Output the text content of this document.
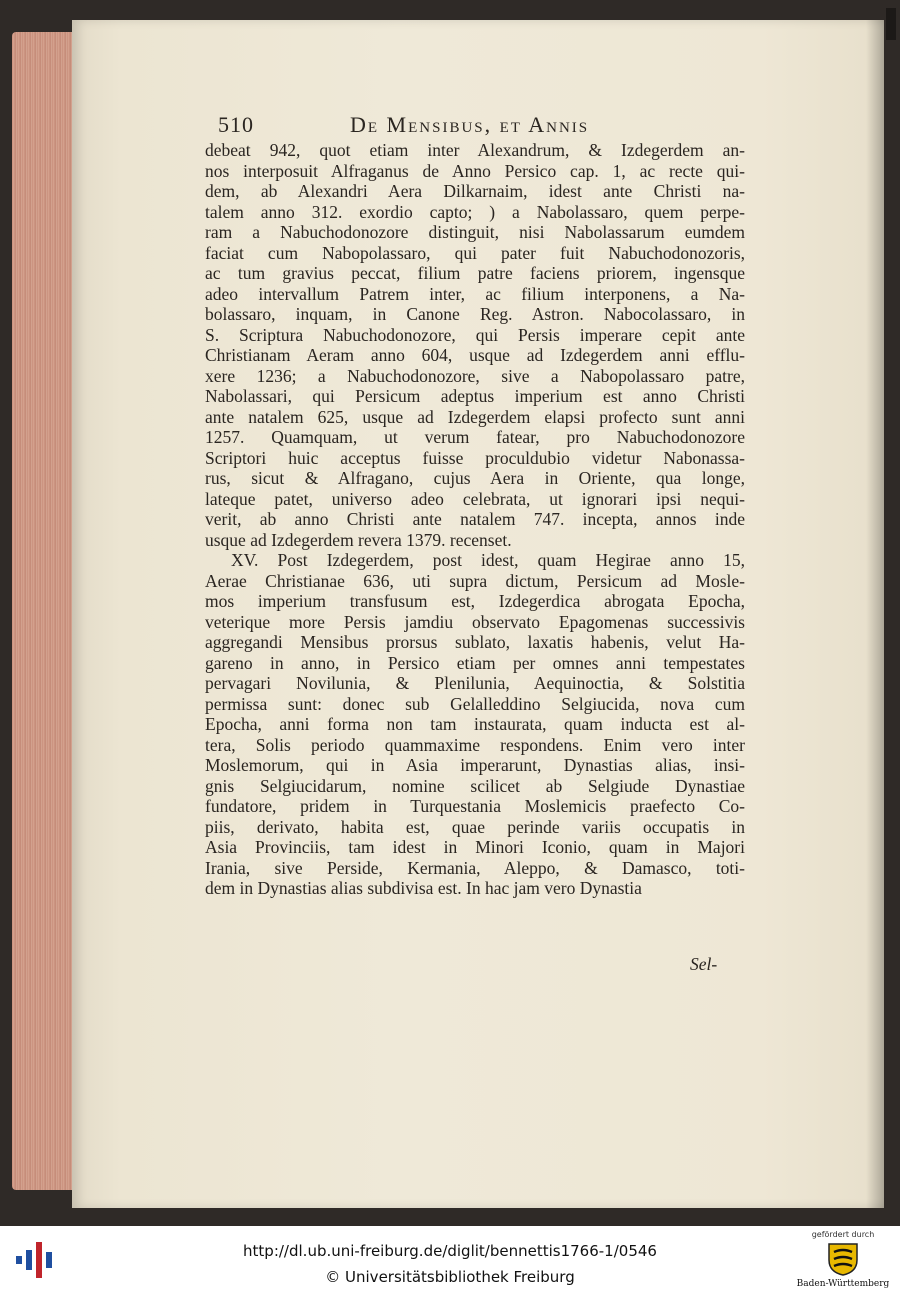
510	De Mensibus, et Annis
debeat 942, quot etiam inter Alexandrum, & Izdegerdem an-
nos interposuit Alfraganus de Anno Persico cap. 1, ac recte qui-
dem, ab Alexandri Aera Dilkarnaim, idest ante Christi na-
talem anno 312. exordio capto; ) a Nabolassaro, quem perpe-
ram a Nabuchodonozore distinguit, nisi Nabolassarum eumdem
faciat cum Nabopolassaro, qui pater fuit Nabuchodonozoris,
ac tum gravius peccat, filium patre faciens priorem, ingensque
adeo intervallum Patrem inter, ac filium interponens, a Na-
bolassaro, inquam, in Canone Reg. Astron. Nabocolassaro, in
S. Scriptura Nabuchodonozore, qui Persis imperare cepit ante
Christianam Aeram anno 604, usque ad Izdegerdem anni efflu-
xere 1236; a Nabuchodonozore, sive a Nabopolassaro patre,
Nabolassari, qui Persicum adeptus imperium est anno Christi
ante natalem 625, usque ad Izdegerdem elapsi profecto sunt anni
1257. Quamquam, ut verum fatear, pro Nabuchodonozore
Scriptori huic acceptus fuisse proculdubio videtur Nabonassa-
rus, sicut & Alfragano, cujus Aera in Oriente, qua longe,
lateque patet, universo adeo celebrata, ut ignorari ipsi nequi-
verit, ab anno Christi ante natalem 747. incepta, annos inde
usque ad Izdegerdem revera 1379. recenset.
XV. Post Izdegerdem, post idest, quam Hegirae anno 15,
Aerae Christianae 636, uti supra dictum, Persicum ad Mosle-
mos imperium transfusum est, Izdegerdica abrogata Epocha,
veterique more Persis jamdiu observato Epagomenas successivis
aggregandi Mensibus prorsus sublato, laxatis habenis, velut Ha-
gareno in anno, in Persico etiam per omnes anni tempestates
pervagari Novilunia, & Plenilunia, Aequinoctia, & Solstitia
permissa sunt: donec sub Gelalleddino Selgiucida, nova cum
Epocha, anni forma non tam instaurata, quam inducta est al-
tera, Solis periodo quammaxime respondens. Enim vero inter
Moslemorum, qui in Asia imperarunt, Dynastias alias, insi-
gnis Selgiucidarum, nomine scilicet ab Selgiude Dynastiae
fundatore, pridem in Turquestania Moslemicis praefecto Co-
piis, derivato, habita est, quae perinde variis occupatis in
Asia Provinciis, tam idest in Minori Iconio, quam in Majori
Irania, sive Perside, Kermania, Aleppo, & Damasco, toti-
dem in Dynastias alias subdivisa est. In hac jam vero Dynastia
Sel-
http://dl.ub.uni-freiburg.de/diglit/bennettis1766-1/0546
© Universitätsbibliothek Freiburg
gefördert durch
Baden-Württemberg
